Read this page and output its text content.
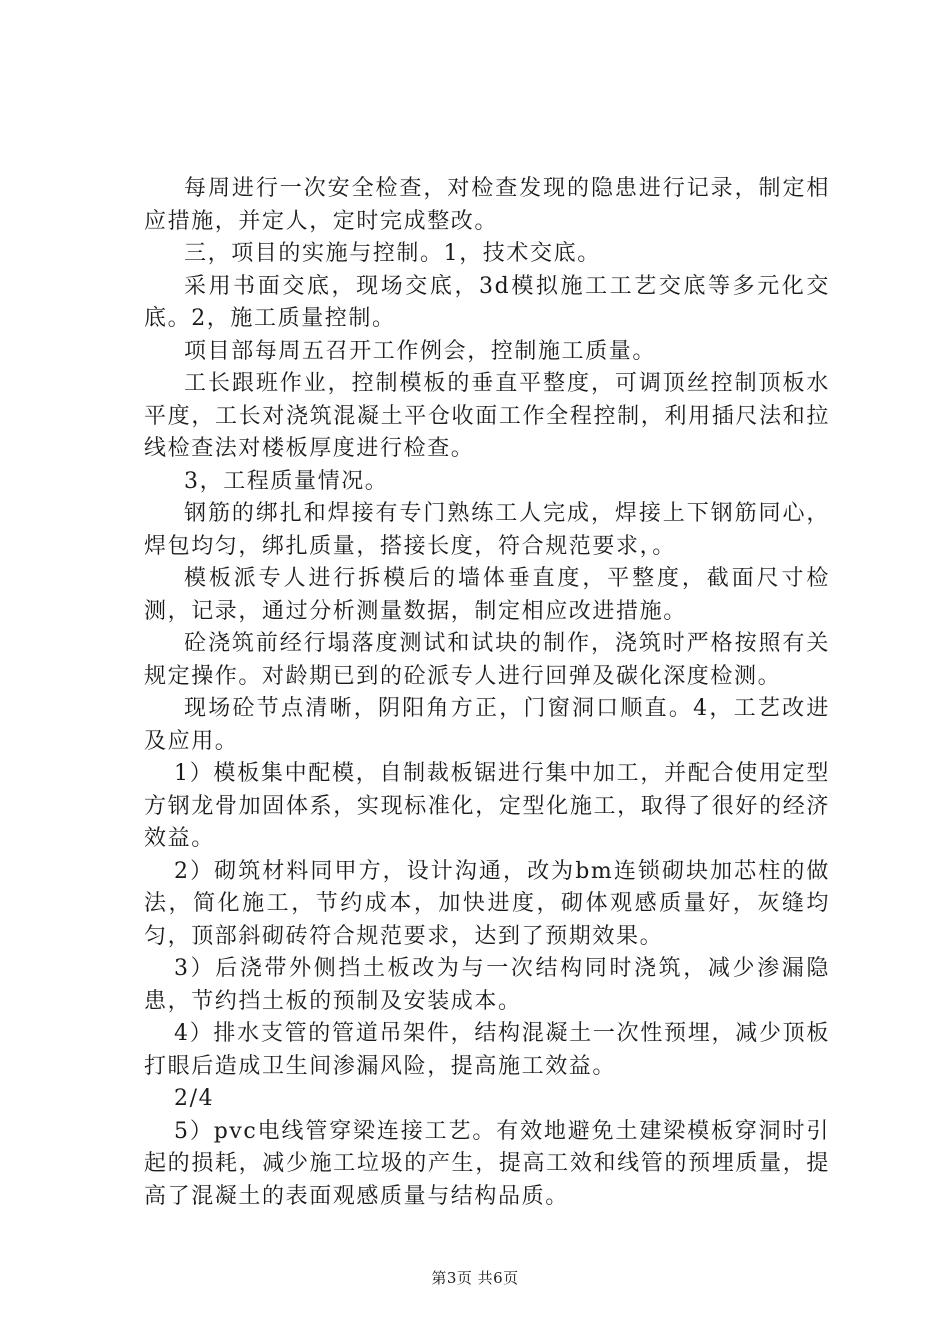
每周进行一次安全检查，对检查发现的隐患进行记录，制定相应措施，并定人，定时完成整改。

三，项目的实施与控制。1，技术交底。

采用书面交底，现场交底，3d模拟施工工艺交底等多元化交底。2，施工质量控制。

项目部每周五召开工作例会，控制施工质量。

工长跟班作业，控制模板的垂直平整度，可调顶丝控制顶板水平度，工长对浇筑混凝土平仓收面工作全程控制，利用插尺法和拉线检查法对楼板厚度进行检查。

3，工程质量情况。

钢筋的绑扎和焊接有专门熟练工人完成，焊接上下钢筋同心，焊包均匀，绑扎质量，搭接长度，符合规范要求，。

模板派专人进行拆模后的墙体垂直度，平整度，截面尺寸检测，记录，通过分析测量数据，制定相应改进措施。

砼浇筑前经行塌落度测试和试块的制作，浇筑时严格按照有关规定操作。对龄期已到的砼派专人进行回弹及碳化深度检测。

现场砼节点清晰，阴阳角方正，门窗洞口顺直。4，工艺改进及应用。

1）模板集中配模，自制裁板锯进行集中加工，并配合使用定型方钢龙骨加固体系，实现标准化，定型化施工，取得了很好的经济效益。

2）砌筑材料同甲方，设计沟通，改为bm连锁砌块加芯柱的做法，简化施工，节约成本，加快进度，砌体观感质量好，灰缝均匀，顶部斜砌砖符合规范要求，达到了预期效果。

3）后浇带外侧挡土板改为与一次结构同时浇筑，减少渗漏隐患，节约挡土板的预制及安装成本。

4）排水支管的管道吊架件，结构混凝土一次性预埋，减少顶板打眼后造成卫生间渗漏风险，提高施工效益。

2/4

5）pvc电线管穿梁连接工艺。有效地避免土建梁模板穿洞时引起的损耗，减少施工垃圾的产生，提高工效和线管的预埋质量，提高了混凝土的表面观感质量与结构品质。

第3页 共6页
